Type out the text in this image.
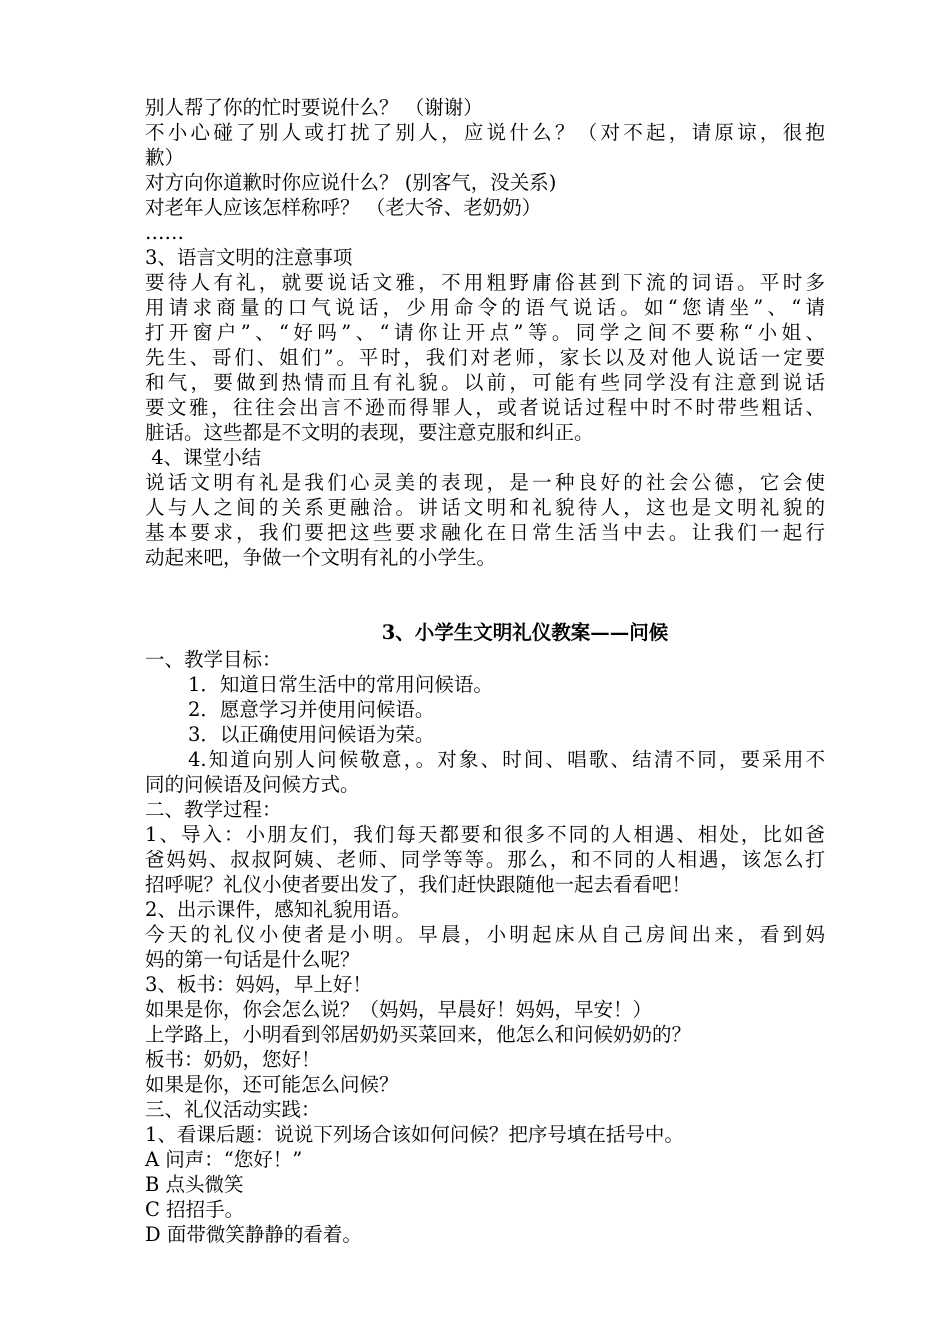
别人帮了你的忙时要说什么？ （谢谢）
不小心碰了别人或打扰了别人，应说什么？（对不起，请原谅，很抱
歉）
对方向你道歉时你应说什么？ (别客气，没关系)
对老年人应该怎样称呼？ （老大爷、老奶奶）
……
3、语言文明的注意事项
要待人有礼，就要说话文雅，不用粗野庸俗甚到下流的词语。平时多
用请求商量的口气说话，少用命令的语气说话。如“您请坐”、“请
打开窗户”、“好吗”、“请你让开点”等。同学之间不要称“小姐、
先生、哥们、姐们”。平时，我们对老师，家长以及对他人说话一定要
和气，要做到热情而且有礼貌。以前，可能有些同学没有注意到说话
要文雅，往往会出言不逊而得罪人，或者说话过程中时不时带些粗话、
脏话。这些都是不文明的表现，要注意克服和纠正。
4、课堂小结
说话文明有礼是我们心灵美的表现，是一种良好的社会公德，它会使
人与人之间的关系更融洽。讲话文明和礼貌待人，这也是文明礼貌的
基本要求，我们要把这些要求融化在日常生活当中去。让我们一起行
动起来吧，争做一个文明有礼的小学生。
3、小学生文明礼仪教案——问候
一、教学目标：
1．知道日常生活中的常用问候语。
2．愿意学习并使用问候语。
3．以正确使用问候语为荣。
4.知道向别人问候敬意，。对象、时间、唱歌、结清不同，要采用不
同的问候语及问候方式。
二、教学过程：
1、导入：小朋友们，我们每天都要和很多不同的人相遇、相处，比如爸
爸妈妈、叔叔阿姨、老师、同学等等。那么，和不同的人相遇，该怎么打
招呼呢？礼仪小使者要出发了，我们赶快跟随他一起去看看吧！
2、出示课件，感知礼貌用语。
今天的礼仪小使者是小明。早晨，小明起床从自己房间出来，看到妈
妈的第一句话是什么呢？
3、板书：妈妈，早上好！
如果是你，你会怎么说？（妈妈，早晨好！妈妈，早安！）
上学路上，小明看到邻居奶奶买菜回来，他怎么和问候奶奶的？
板书：奶奶，您好！
如果是你，还可能怎么问候？
三、礼仪活动实践：
1、看课后题：说说下列场合该如何问候？把序号填在括号中。
A 问声：“您好！”
B 点头微笑
C 招招手。
D 面带微笑静静的看着。
